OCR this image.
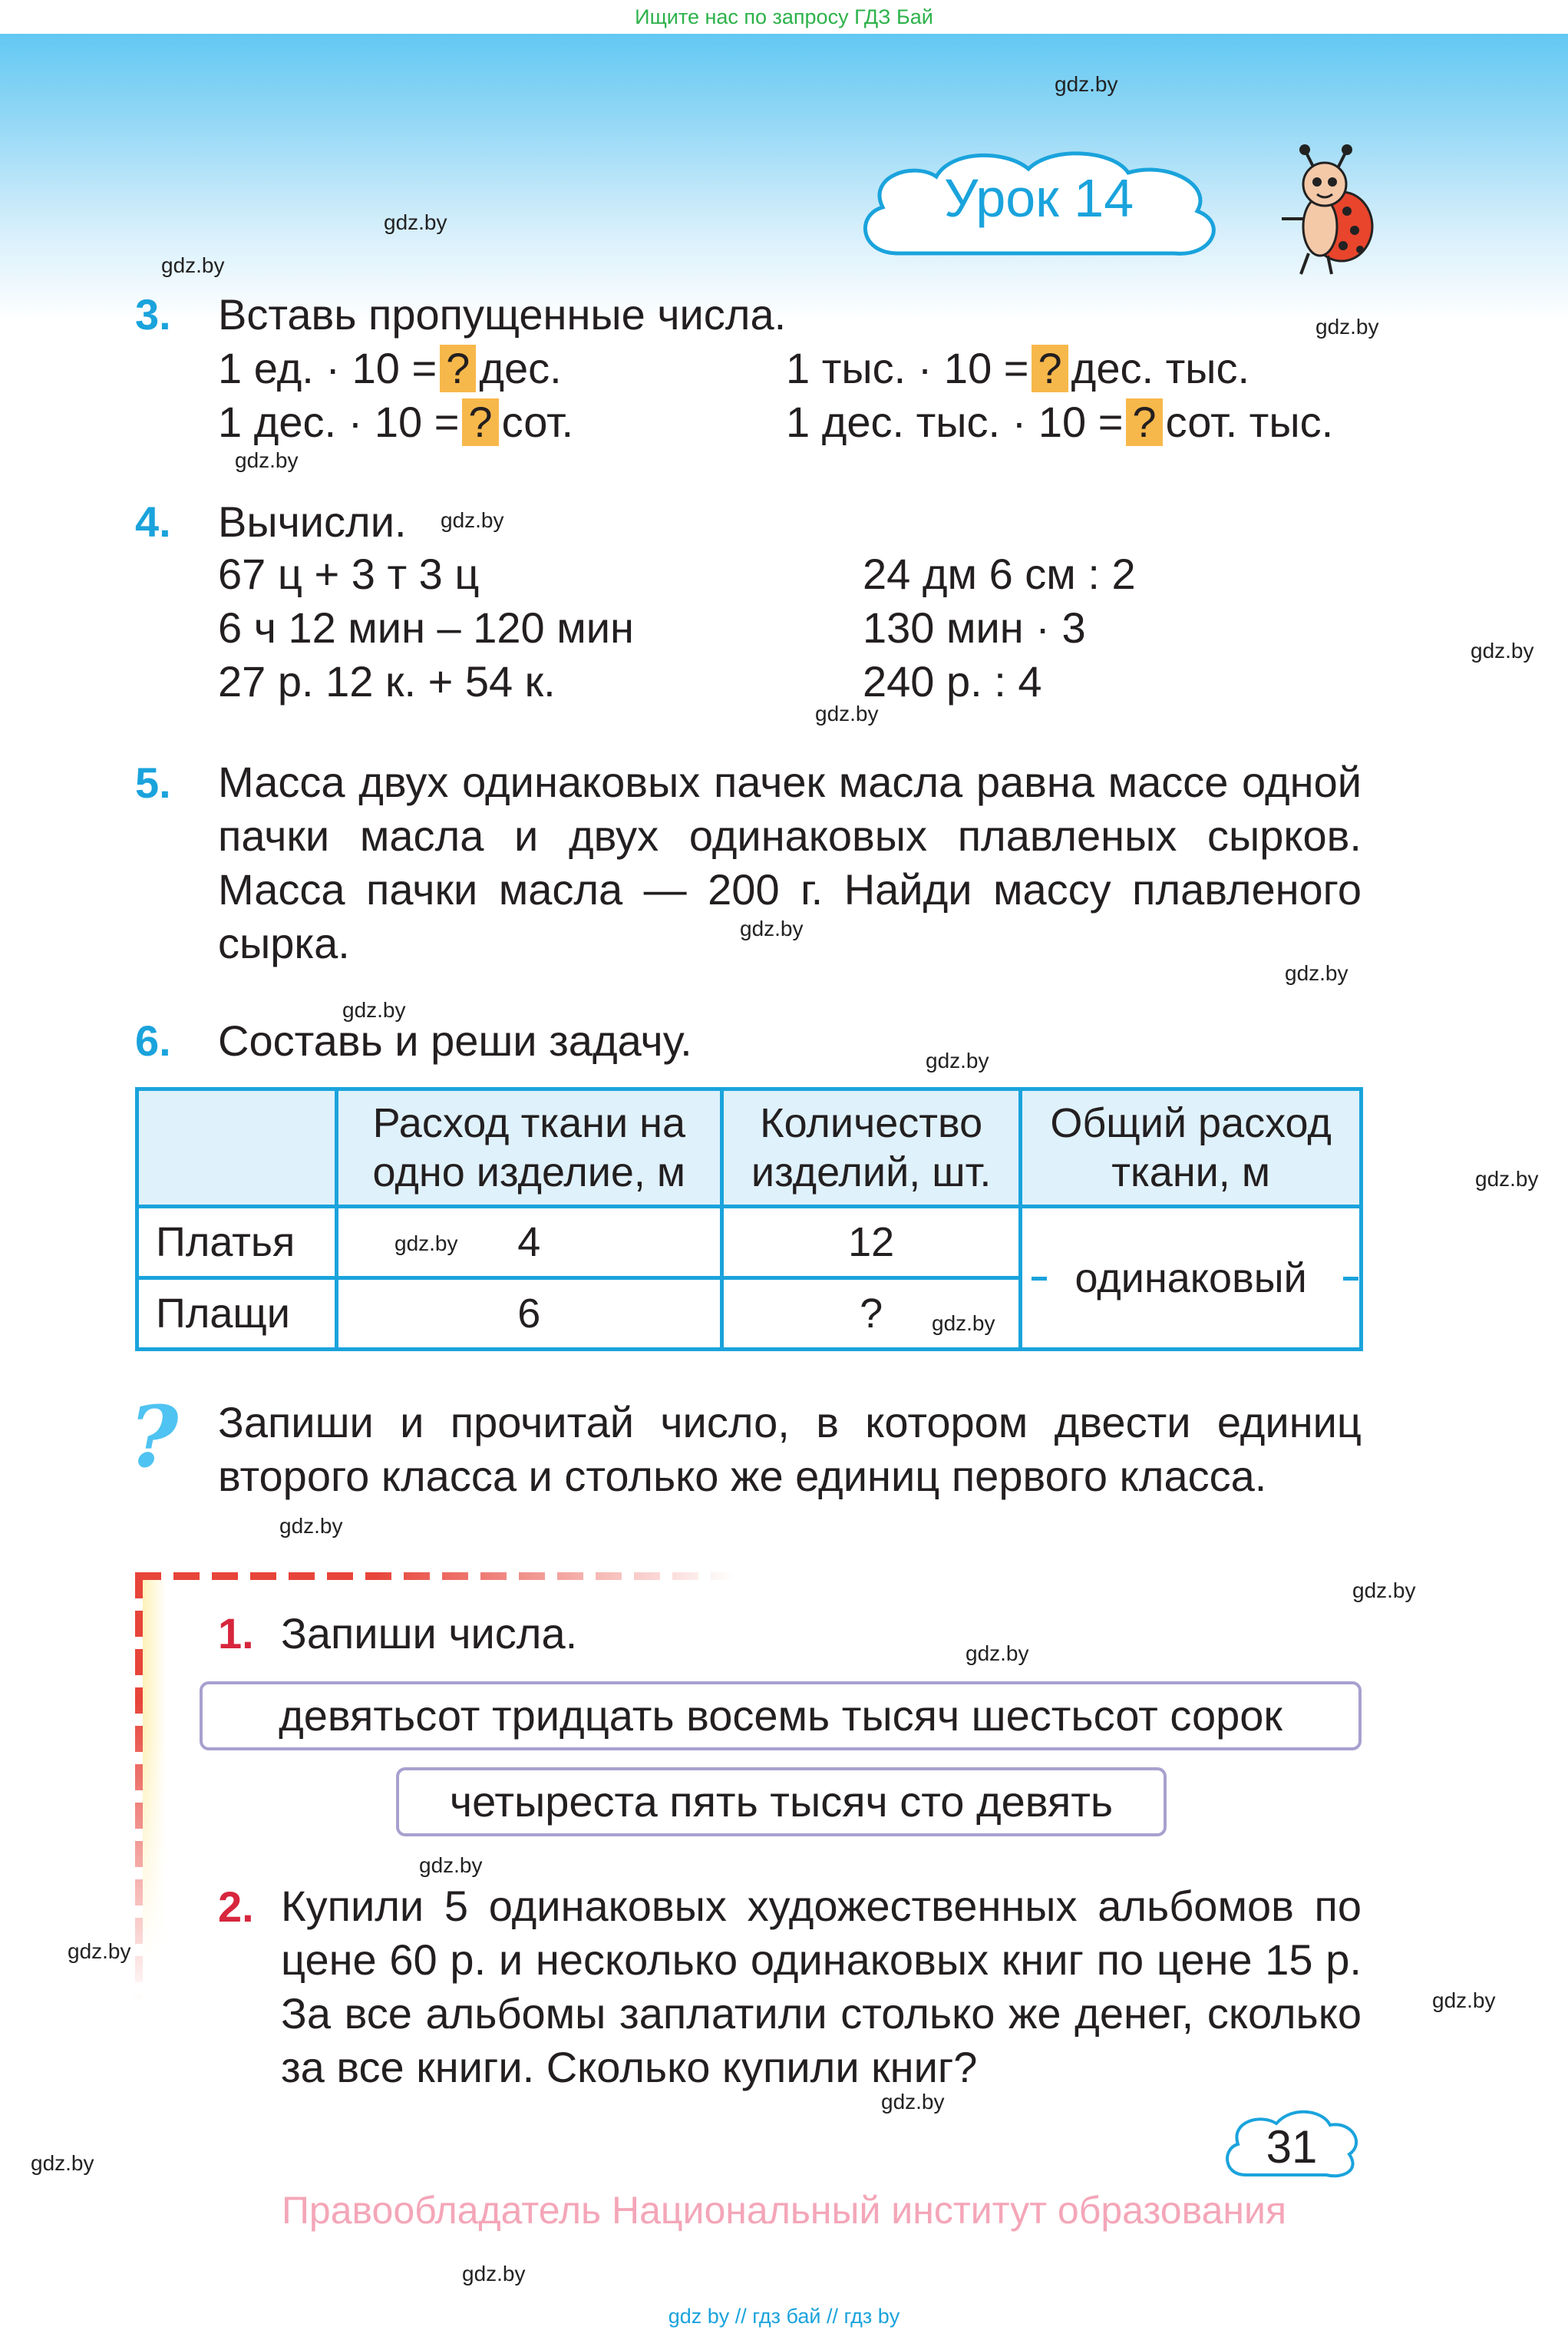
Ищите нас по запросу ГДЗ Бай
Урок 14
3. Вставь пропущенные числа.
1 ед. · 10 = ? дес.	1 тыс. · 10 = ? дес. тыс.
1 дес. · 10 = ? сот.	1 дес. тыс. · 10 = ? сот. тыс.
4. Вычисли.
67 ц + 3 т 3 ц
6 ч 12 мин – 120 мин
27 р. 12 к. + 54 к.
24 дм 6 см : 2
130 мин · 3
240 р. : 4
5. Масса двух одинаковых пачек масла равна массе одной пачки масла и двух одинаковых плавленых сырков. Масса пачки масла — 200 г. Найди массу плавленого сырка.
6. Составь и реши задачу.
	Расход ткани на одно изделие, м	Количество изделий, шт.	Общий расход ткани, м
Платья	4	12	одинаковый
Плащи	6	?	
? Запиши и прочитай число, в котором двести единиц второго класса и столько же единиц первого класса.
1. Запиши числа.
девятьсот тридцать восемь тысяч шестьсот сорок
четыреста пять тысяч сто девять
2. Купили 5 одинаковых художественных альбомов по цене 60 р. и несколько одинаковых книг по цене 15 р. За все альбомы заплатили столько же денег, сколько за все книги. Сколько купили книг?
31
Правообладатель Национальный институт образования
gdz by // гдз бай // гдз by
gdz.by
gdz.by
gdz.by
gdz.by
gdz.by
gdz.by
gdz.by
gdz.by
gdz.by
gdz.by
gdz.by
gdz.by
gdz.by
gdz.by
gdz.by
gdz.by
gdz.by
gdz.by
gdz.by
gdz.by
gdz.by
gdz.by
gdz.by
gdz.by
